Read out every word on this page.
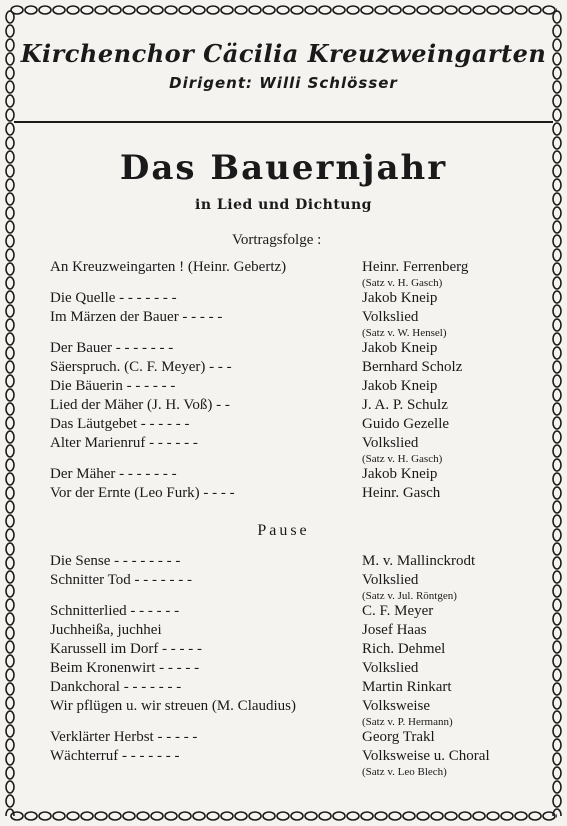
Kirchenchor Cäcilia Kreuzweingarten
Dirigent: Willi Schlösser
Das Bauernjahr
in Lied und Dichtung
Vortragsfolge :
An Kreuzweingarten ! (Heinr. Gebertz)	Heinr. Ferrenberg
(Satz v. H. Gasch)
Die Quelle - - - - - - -	Jakob Kneip
Im Märzen der Bauer - - - - -	Volkslied
(Satz v. W. Hensel)
Der Bauer - - - - - - -	Jakob Kneip
Säerspruch. (C. F. Meyer) - - -	Bernhard Scholz
Die Bäuerin - - - - - -	Jakob Kneip
Lied der Mäher (J. H. Voß) - -	J. A. P. Schulz
Das Läutgebet - - - - - -	Guido Gezelle
Alter Marienruf - - - - - -	Volkslied
(Satz v. H. Gasch)
Der Mäher - - - - - - -	Jakob Kneip
Vor der Ernte (Leo Furk) - - - -	Heinr. Gasch
Pause
Die Sense - - - - - - - -	M. v. Mallinckrodt
Schnitter Tod - - - - - - -	Volkslied
(Satz v. Jul. Röntgen)
Schnitterlied - - - - - -	C. F. Meyer
Juchheißa, juchhei	Josef Haas
Karussell im Dorf - - - - -	Rich. Dehmel
Beim Kronenwirt - - - - -	Volkslied
Dankchoral - - - - - - -	Martin Rinkart
Wir pflügen u. wir streuen (M. Claudius)	Volksweise
(Satz v. P. Hermann)
Verklärter Herbst - - - - -	Georg Trakl
Wächterruf - - - - - - -	Volksweise u. Choral
(Satz v. Leo Blech)
